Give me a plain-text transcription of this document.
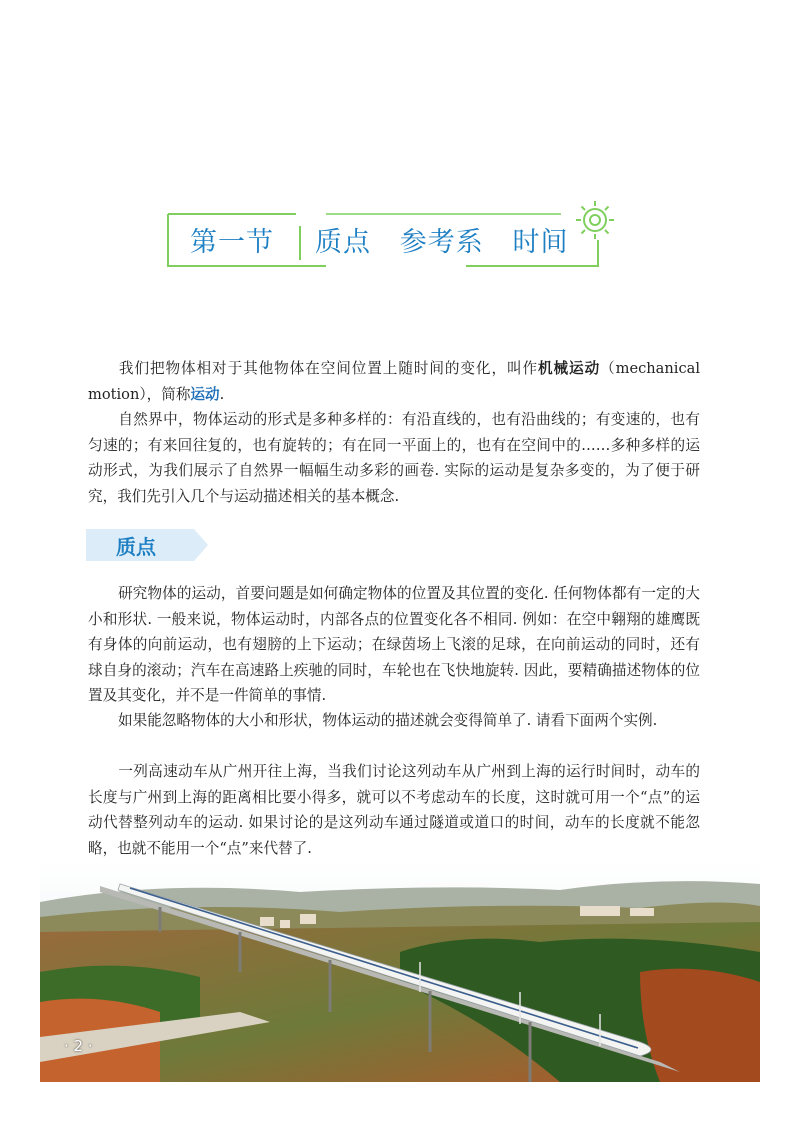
第一节 质点   参考系   时间

我们把物体相对于其他物体在空间位置上随时间的变化，叫作机械运动（mechanical motion），简称运动.

自然界中，物体运动的形式是多种多样的：有沿直线的，也有沿曲线的；有变速的，也有匀速的；有来回往复的，也有旋转的；有在同一平面上的，也有在空间中的……多种多样的运动形式，为我们展示了自然界一幅幅生动多彩的画卷. 实际的运动是复杂多变的，为了便于研究，我们先引入几个与运动描述相关的基本概念.

质点

研究物体的运动，首要问题是如何确定物体的位置及其位置的变化. 任何物体都有一定的大小和形状. 一般来说，物体运动时，内部各点的位置变化各不相同. 例如：在空中翱翔的雄鹰既有身体的向前运动，也有翅膀的上下运动；在绿茵场上飞滚的足球，在向前运动的同时，还有球自身的滚动；汽车在高速路上疾驰的同时，车轮也在飞快地旋转. 因此，要精确描述物体的位置及其变化，并不是一件简单的事情.

如果能忽略物体的大小和形状，物体运动的描述就会变得简单了. 请看下面两个实例.

一列高速动车从广州开往上海，当我们讨论这列动车从广州到上海的运行时间时，动车的长度与广州到上海的距离相比要小得多，就可以不考虑动车的长度，这时就可用一个“点”的运动代替整列动车的运动. 如果讨论的是这列动车通过隧道或道口的时间，动车的长度就不能忽略，也就不能用一个“点”来代替了.

· 2 ·
